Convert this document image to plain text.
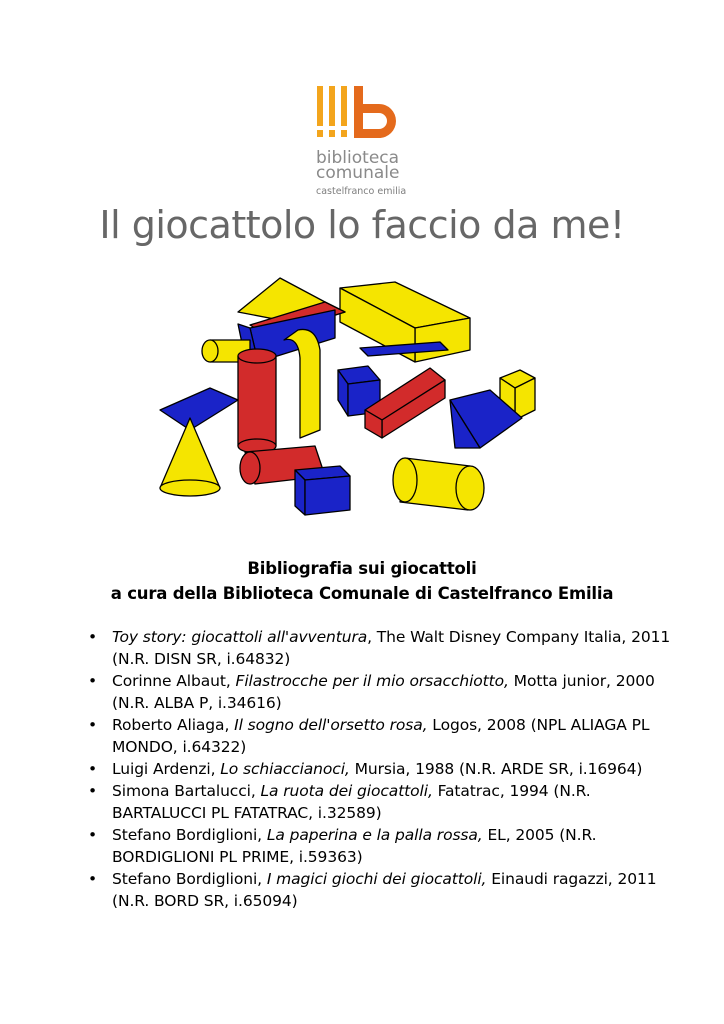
biblioteca
comunale
castelfranco emilia
Il giocattolo lo faccio da me!
Bibliografia sui giocattoli
a cura della Biblioteca Comunale di Castelfranco Emilia
• Toy story: giocattoli all'avventura, The Walt Disney Company Italia, 2011 (N.R. DISN SR, i.64832)
• Corinne Albaut, Filastrocche per il mio orsacchiotto, Motta junior, 2000 (N.R. ALBA P, i.34616)
• Roberto Aliaga, Il sogno dell'orsetto rosa, Logos, 2008 (NPL ALIAGA PL MONDO, i.64322)
• Luigi Ardenzi, Lo schiaccianoci, Mursia, 1988 (N.R. ARDE SR, i.16964)
• Simona Bartalucci, La ruota dei giocattoli, Fatatrac, 1994 (N.R. BARTALUCCI PL FATATRAC, i.32589)
• Stefano Bordiglioni, La paperina e la palla rossa, EL, 2005 (N.R. BORDIGLIONI PL PRIME, i.59363)
• Stefano Bordiglioni, I magici giochi dei giocattoli, Einaudi ragazzi, 2011 (N.R. BORD SR, i.65094)
